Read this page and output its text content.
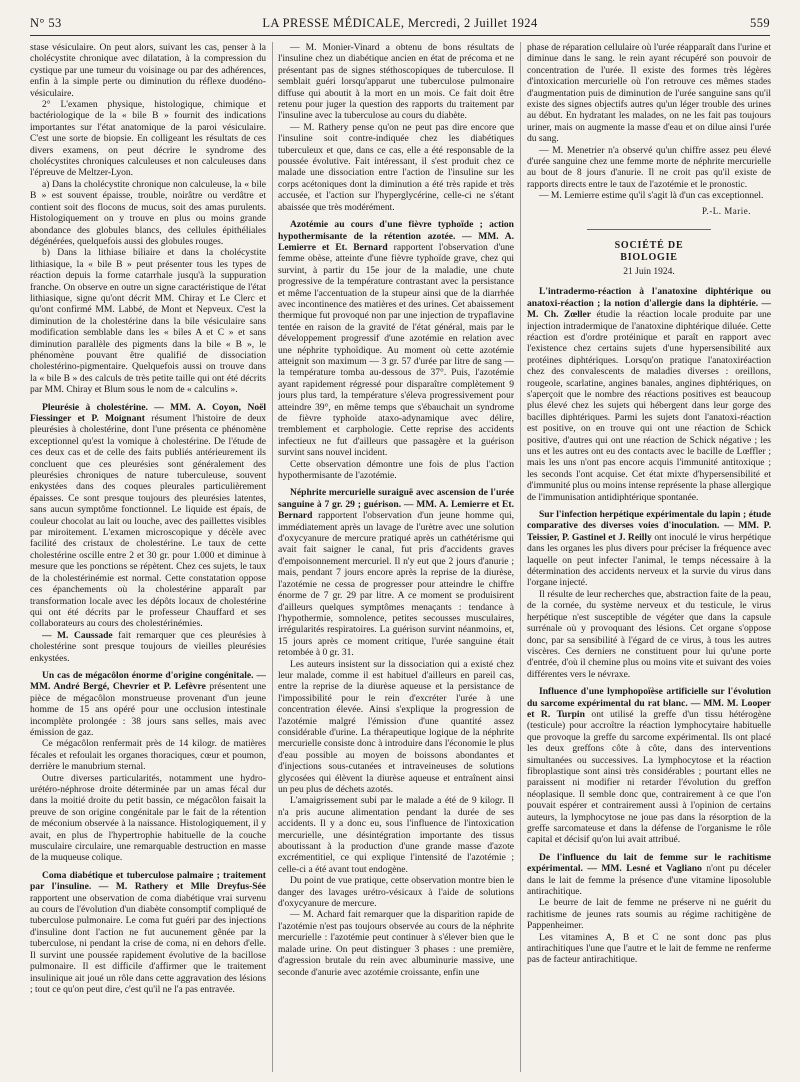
N° 53	LA PRESSE MÉDICALE, Mercredi, 2 Juillet 1924	559

stase vésiculaire. On peut alors, suivant les cas, penser à la cholécystite chronique avec dilatation, à la compression du cystique par une tumeur du voisinage ou par des adhérences, enfin à la simple perte ou diminution du réflexe duodéno-vésiculaire.

2° L'examen physique, histologique, chimique et bactériologique de la « bile B » fournit des indications importantes sur l'état anatomique de la paroi vésiculaire. C'est une sorte de biopsie. En colligeant les résultats de ces divers examens, on peut décrire le syndrome des cholécystites chroniques calculeuses et non calculeuses dans l'épreuve de Meltzer-Lyon.

a) Dans la cholécystite chronique non calculeuse, la « bile B » est souvent épaisse, trouble, noirâtre ou verdâtre et contient soit des flocons de mucus, soit des amas purulents. Histologiquement on y trouve en plus ou moins grande abondance des globules blancs, des cellules épithéliales dégénérées, quelquefois aussi des globules rouges.

b) Dans la lithiase biliaire et dans la cholécystite lithiasique, la « bile B » peut présenter tous les types de réaction depuis la forme catarrhale jusqu'à la suppuration franche. On observe en outre un signe caractéristique de l'état lithiasique, signe qu'ont décrit MM. Chiray et Le Clerc et qu'ont confirmé MM. Labbé, de Mont et Nepveux. C'est la diminution de la cholestérine dans la bile vésiculaire sans modification semblable dans les « biles A et C » et sans diminution parallèle des pigments dans la bile « B », le phénomène pouvant être qualifié de dissociation cholestérino-pigmentaire. Quelquefois aussi on trouve dans la « bile B » des calculs de très petite taille qui ont été décrits par MM. Chiray et Blum sous le nom de « calculins ».

Pleurésie à cholestérine. — MM. A. Coyon, Noël Fiessinger et P. Moignant résument l'histoire de deux pleurésies à cholestérine, dont l'une présenta ce phénomène exceptionnel qu'est la vomique à cholestérine. De l'étude de ces deux cas et de celle des faits publiés antérieurement ils concluent que ces pleurésies sont généralement des pleurésies chroniques de nature tuberculeuse, souvent enkystées dans des coques pleurales particulièrement épaisses. Ce sont presque toujours des pleurésies latentes, sans aucun symptôme fonctionnel. Le liquide est épais, de couleur chocolat au lait ou louche, avec des paillettes visibles par miroitement. L'examen microscopique y décèle avec facilité des cristaux de cholestérine. Le taux de cette cholestérine oscille entre 2 et 30 gr. pour 1.000 et diminue à mesure que les ponctions se répètent. Chez ces sujets, le taux de la cholestérinémie est normal. Cette constatation oppose ces épanchements où la cholestérine apparaît par transformation locale avec les dépôts locaux de cholestérine qui ont été décrits par le professeur Chauffard et ses collaborateurs au cours des cholestérinémies.

— M. Caussade fait remarquer que ces pleurésies à cholestérine sont presque toujours de vieilles pleurésies enkystées.

Un cas de mégacôlon énorme d'origine congénitale. — MM. André Bergé, Chevrier et P. Lefèvre présentent une pièce de mégacôlon monstrueuse provenant d'un jeune homme de 15 ans opéré pour une occlusion intestinale incomplète prolongée : 38 jours sans selles, mais avec émission de gaz.

Ce mégacôlon renfermait près de 14 kilogr. de matières fécales et refoulait les organes thoraciques, cœur et poumon, derrière le manubrium sternal.

Outre diverses particularités, notamment une hydro-urétéro-néphrose droite déterminée par un amas fécal dur dans la moitié droite du petit bassin, ce mégacôlon faisait la preuve de son origine congénitale par le fait de la rétention de méconium observée à la naissance. Histologiquement, il y avait, en plus de l'hypertrophie habituelle de la couche musculaire circulaire, une remarquable destruction en masse de la muqueuse colique.

Coma diabétique et tuberculose palmaire ; traitement par l'insuline. — M. Rathery et Mlle Dreyfus-Sée rapportent une observation de coma diabétique vrai survenu au cours de l'évolution d'un diabète consomptif compliqué de tuberculose pulmonaire. Le coma fut guéri par des injections d'insuline dont l'action ne fut aucunement gênée par la tuberculose, ni pendant la crise de coma, ni en dehors d'elle. Il survint une poussée rapidement évolutive de la bacillose pulmonaire. Il est difficile d'affirmer que le traitement insulinique ait joué un rôle dans cette aggravation des lésions ; tout ce qu'on peut dire, c'est qu'il ne l'a pas entravée.

— M. Monier-Vinard a obtenu de bons résultats de l'insuline chez un diabétique ancien en état de précoma et ne présentant pas de signes stéthoscopiques de tuberculose. Il semblait guéri lorsqu'apparut une tuberculose pulmonaire diffuse qui aboutit à la mort en un mois. Ce fait doit être retenu pour juger la question des rapports du traitement par l'insuline avec la tuberculose au cours du diabète.

— M. Rathery pense qu'on ne peut pas dire encore que l'insuline soit contre-indiquée chez les diabétiques tuberculeux et que, dans ce cas, elle a été responsable de la poussée évolutive. Fait intéressant, il s'est produit chez ce malade une dissociation entre l'action de l'insuline sur les corps acétoniques dont la diminution a été très rapide et très accusée, et l'action sur l'hyperglycérine, celle-ci ne s'étant abaissée que très modérément.

Azotémie au cours d'une fièvre typhoïde ; action hypothermisante de la rétention azotée. — MM. A. Lemierre et Et. Bernard rapportent l'observation d'une femme obèse, atteinte d'une fièvre typhoïde grave, chez qui survint, à partir du 15e jour de la maladie, une chute progressive de la température contrastant avec la persistance et même l'accentuation de la stupeur ainsi que de la diarrhée avec incontinence des matières et des urines. Cet abaissement thermique fut provoqué non par une injection de trypaflavine tentée en raison de la gravité de l'état général, mais par le développement progressif d'une azotémie en relation avec une néphrite typhoïdique. Au moment où cette azotémie atteignit son maximum — 3 gr. 57 d'urée par litre de sang — la température tomba au-dessous de 37°. Puis, l'azotémie ayant rapidement régressé pour disparaître complètement 9 jours plus tard, la température s'éleva progressivement pour atteindre 39°, en même temps que s'ébauchait un syndrome de fièvre typhoïde ataxo-adynamique avec délire, tremblement et carphologie. Cette reprise des accidents infectieux ne fut d'ailleurs que passagère et la guérison survint sans nouvel incident.

Cette observation démontre une fois de plus l'action hypothermisante de l'azotémie.

Néphrite mercurielle suraiguë avec ascension de l'urée sanguine à 7 gr. 29 ; guérison. — MM. A. Lemierre et Et. Bernard rapportent l'observation d'un jeune homme qui, immédiatement après un lavage de l'urètre avec une solution d'oxycyanure de mercure pratiqué après un cathétérisme qui avait fait saigner le canal, fut pris d'accidents graves d'empoisonnement mercuriel. Il n'y eut que 2 jours d'anurie ; mais, pendant 7 jours encore après la reprise de la diurèse, l'azotémie ne cessa de progresser pour atteindre le chiffre énorme de 7 gr. 29 par litre. A ce moment se produisirent d'ailleurs quelques symptômes menaçants : tendance à l'hypothermie, somnolence, petites secousses musculaires, irrégularités respiratoires. La guérison survint néanmoins, et, 15 jours après ce moment critique, l'urée sanguine était retombée à 0 gr. 31.

Les auteurs insistent sur la dissociation qui a existé chez leur malade, comme il est habituel d'ailleurs en pareil cas, entre la reprise de la diurèse aqueuse et la persistance de l'impossibilité pour le rein d'excréter l'urée à une concentration élevée. Ainsi s'explique la progression de l'azotémie malgré l'émission d'une quantité assez considérable d'urine. La thérapeutique logique de la néphrite mercurielle consiste donc à introduire dans l'économie le plus d'eau possible au moyen de boissons abondantes et d'injections sous-cutanées et intraveineuses de solutions glycosées qui élèvent la diurèse aqueuse et entraînent ainsi un peu plus de déchets azotés.

L'amaigrissement subi par le malade a été de 9 kilogr. Il n'a pris aucune alimentation pendant la durée de ses accidents. Il y a donc eu, sous l'influence de l'intoxication mercurielle, une désintégration importante des tissus aboutissant à la production d'une grande masse d'azote excrémentitiel, ce qui explique l'intensité de l'azotémie ; celle-ci a été avant tout endogène.

Du point de vue pratique, cette observation montre bien le danger des lavages urétro-vésicaux à l'aide de solutions d'oxycyanure de mercure.

— M. Achard fait remarquer que la disparition rapide de l'azotémie n'est pas toujours observée au cours de la néphrite mercurielle : l'azotémie peut continuer à s'élever bien que le malade urine. On peut distinguer 3 phases : une première, d'agression brutale du rein avec albuminurie massive, une seconde d'anurie avec azotémie croissante, enfin une

phase de réparation cellulaire où l'urée réapparaît dans l'urine et diminue dans le sang. le rein ayant récupéré son pouvoir de concentration de l'urée. Il existe des formes très légères d'intoxication mercurielle où l'on retrouve ces mêmes stades d'augmentation puis de diminution de l'urée sanguine sans qu'il existe des signes objectifs autres qu'un léger trouble des urines au début. En hydratant les malades, on ne les fait pas toujours uriner, mais on augmente la masse d'eau et on dilue ainsi l'urée du sang.

— M. Menetrier n'a observé qu'un chiffre assez peu élevé d'urée sanguine chez une femme morte de néphrite mercurielle au bout de 8 jours d'anurie. Il ne croit pas qu'il existe de rapports directs entre le taux de l'azotémie et le pronostic.

— M. Lemierre estime qu'il s'agit là d'un cas exceptionnel.

P.-L. Marie.
SOCIÉTÉ DE BIOLOGIE
21 Juin 1924.

L'intradermo-réaction à l'anatoxine diphtérique ou anatoxi-réaction ; la notion d'allergie dans la diphtérie. — M. Ch. Zœller étudie la réaction locale produite par une injection intradermique de l'anatoxine diphtérique diluée. Cette réaction est d'ordre protéinique et paraît en rapport avec l'existence chez certains sujets d'une hypersensibilité aux protéines diphtériques. Lorsqu'on pratique l'anatoxiréaction chez des convalescents de maladies diverses : oreillons, rougeole, scarlatine, angines banales, angines diphtériques, on s'aperçoit que le nombre des réactions positives est beaucoup plus élevé chez les sujets qui hébergent dans leur gorge des bacilles diphtériques. Parmi les sujets dont l'anatoxi-réaction est positive, on en trouve qui ont une réaction de Schick positive, d'autres qui ont une réaction de Schick négative ; les uns et les autres ont eu des contacts avec le bacille de Lœffler ; mais les uns n'ont pas encore acquis l'immunité antitoxique ; les seconds l'ont acquise. Cet état mixte d'hypersensibilité et d'immunité plus ou moins intense représente la phase allergique de l'immunisation antidiphtérique spontanée.

Sur l'infection herpétique expérimentale du lapin ; étude comparative des diverses voies d'inoculation. — MM. P. Teissier, P. Gastinel et J. Reilly ont inoculé le virus herpétique dans les organes les plus divers pour préciser la fréquence avec laquelle on peut infecter l'animal, le temps nécessaire à la détermination des accidents nerveux et la survie du virus dans l'organe injecté.

Il résulte de leur recherches que, abstraction faite de la peau, de la cornée, du système nerveux et du testicule, le virus herpétique n'est susceptible de végéter que dans la capsule surrénale où y provoquant des lésions. Cet organe s'oppose donc, par sa sensibilité à l'égard de ce virus, à tous les autres viscères. Ces derniers ne constituent pour lui qu'une porte d'entrée, d'où il chemine plus ou moins vite et suivant des voies différentes vers le névraxe.

Influence d'une lymphopoïèse artificielle sur l'évolution du sarcome expérimental du rat blanc. — MM. M. Looper et R. Turpin ont utilisé la greffe d'un tissu hétérogène (testicule) pour accroître la réaction lymphocytaire habituelle que provoque la greffe du sarcome expérimental. Ils ont placé les deux greffons côte à côte, dans des interventions simultanées ou successives. La lymphocytose et la réaction fibroplastique sont ainsi très considérables ; pourtant elles ne paraissent ni modifier ni retarder l'évolution du greffon néoplasique. Il semble donc que, contrairement à ce que l'on pouvait espérer et contrairement aussi à l'opinion de certains auteurs, la lymphocytose ne joue pas dans la résorption de la greffe sarcomateuse et dans la défense de l'organisme le rôle capital et décisif qu'on lui avait attribué.

De l'influence du lait de femme sur le rachitisme expérimental. — MM. Lesné et Vagliano n'ont pu déceler dans le lait de femme la présence d'une vitamine liposoluble antirachitique.

Le beurre de lait de femme ne préserve ni ne guérit du rachitisme de jeunes rats soumis au régime rachitigène de Pappenheimer.

Les vitamines A, B et C ne sont donc pas plus antirachitiques l'une que l'autre et le lait de femme ne renferme pas de facteur antirachitique.
